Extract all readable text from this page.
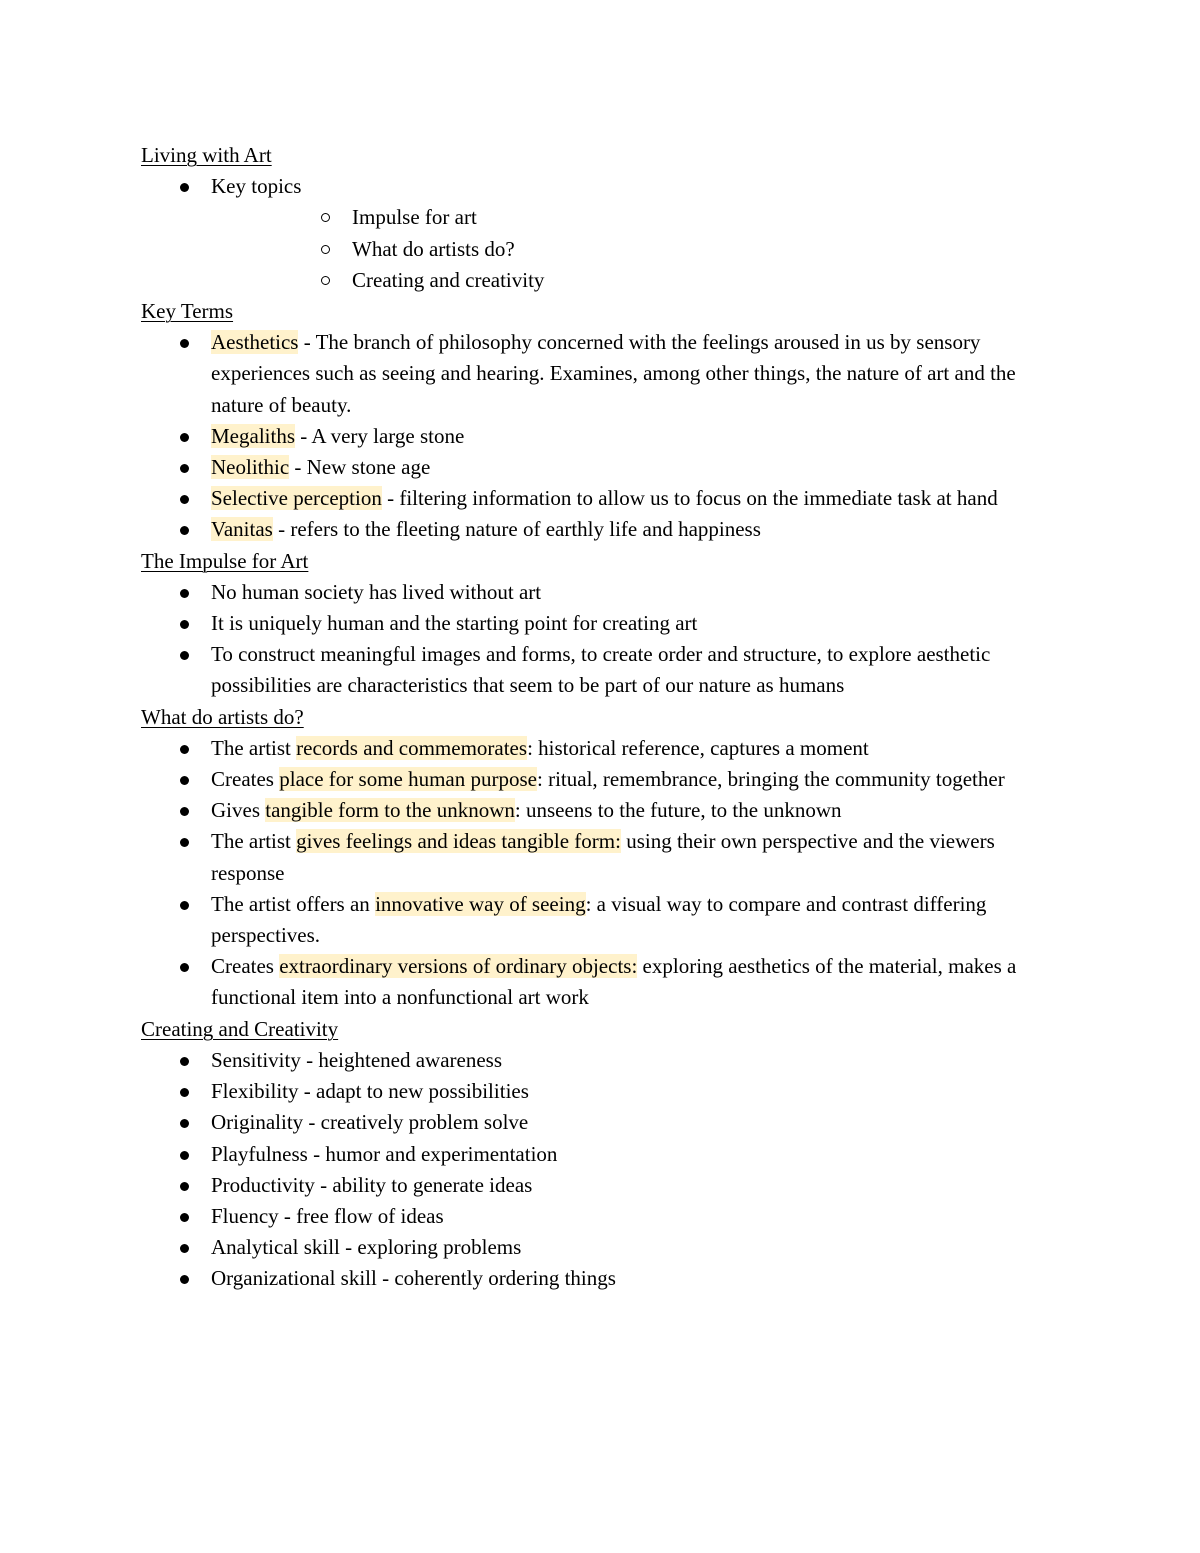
Living with Art
Key topics
Impulse for art
What do artists do?
Creating and creativity
Key Terms
Aesthetics - The branch of philosophy concerned with the feelings aroused in us by sensory experiences such as seeing and hearing. Examines, among other things, the nature of art and the nature of beauty.
Megaliths - A very large stone
Neolithic - New stone age
Selective perception - filtering information to allow us to focus on the immediate task at hand
Vanitas - refers to the fleeting nature of earthly life and happiness
The Impulse for Art
No human society has lived without art
It is uniquely human and the starting point for creating art
To construct meaningful images and forms, to create order and structure, to explore aesthetic possibilities are characteristics that seem to be part of our nature as humans
What do artists do?
The artist records and commemorates: historical reference, captures a moment
Creates place for some human purpose: ritual, remembrance, bringing the community together
Gives tangible form to the unknown: unseens to the future, to the unknown
The artist gives feelings and ideas tangible form: using their own perspective and the viewers response
The artist offers an innovative way of seeing: a visual way to compare and contrast differing perspectives.
Creates extraordinary versions of ordinary objects: exploring aesthetics of the material, makes a functional item into a nonfunctional art work
Creating and Creativity
Sensitivity - heightened awareness
Flexibility - adapt to new possibilities
Originality - creatively problem solve
Playfulness - humor and experimentation
Productivity - ability to generate ideas
Fluency - free flow of ideas
Analytical skill - exploring problems
Organizational skill - coherently ordering things
